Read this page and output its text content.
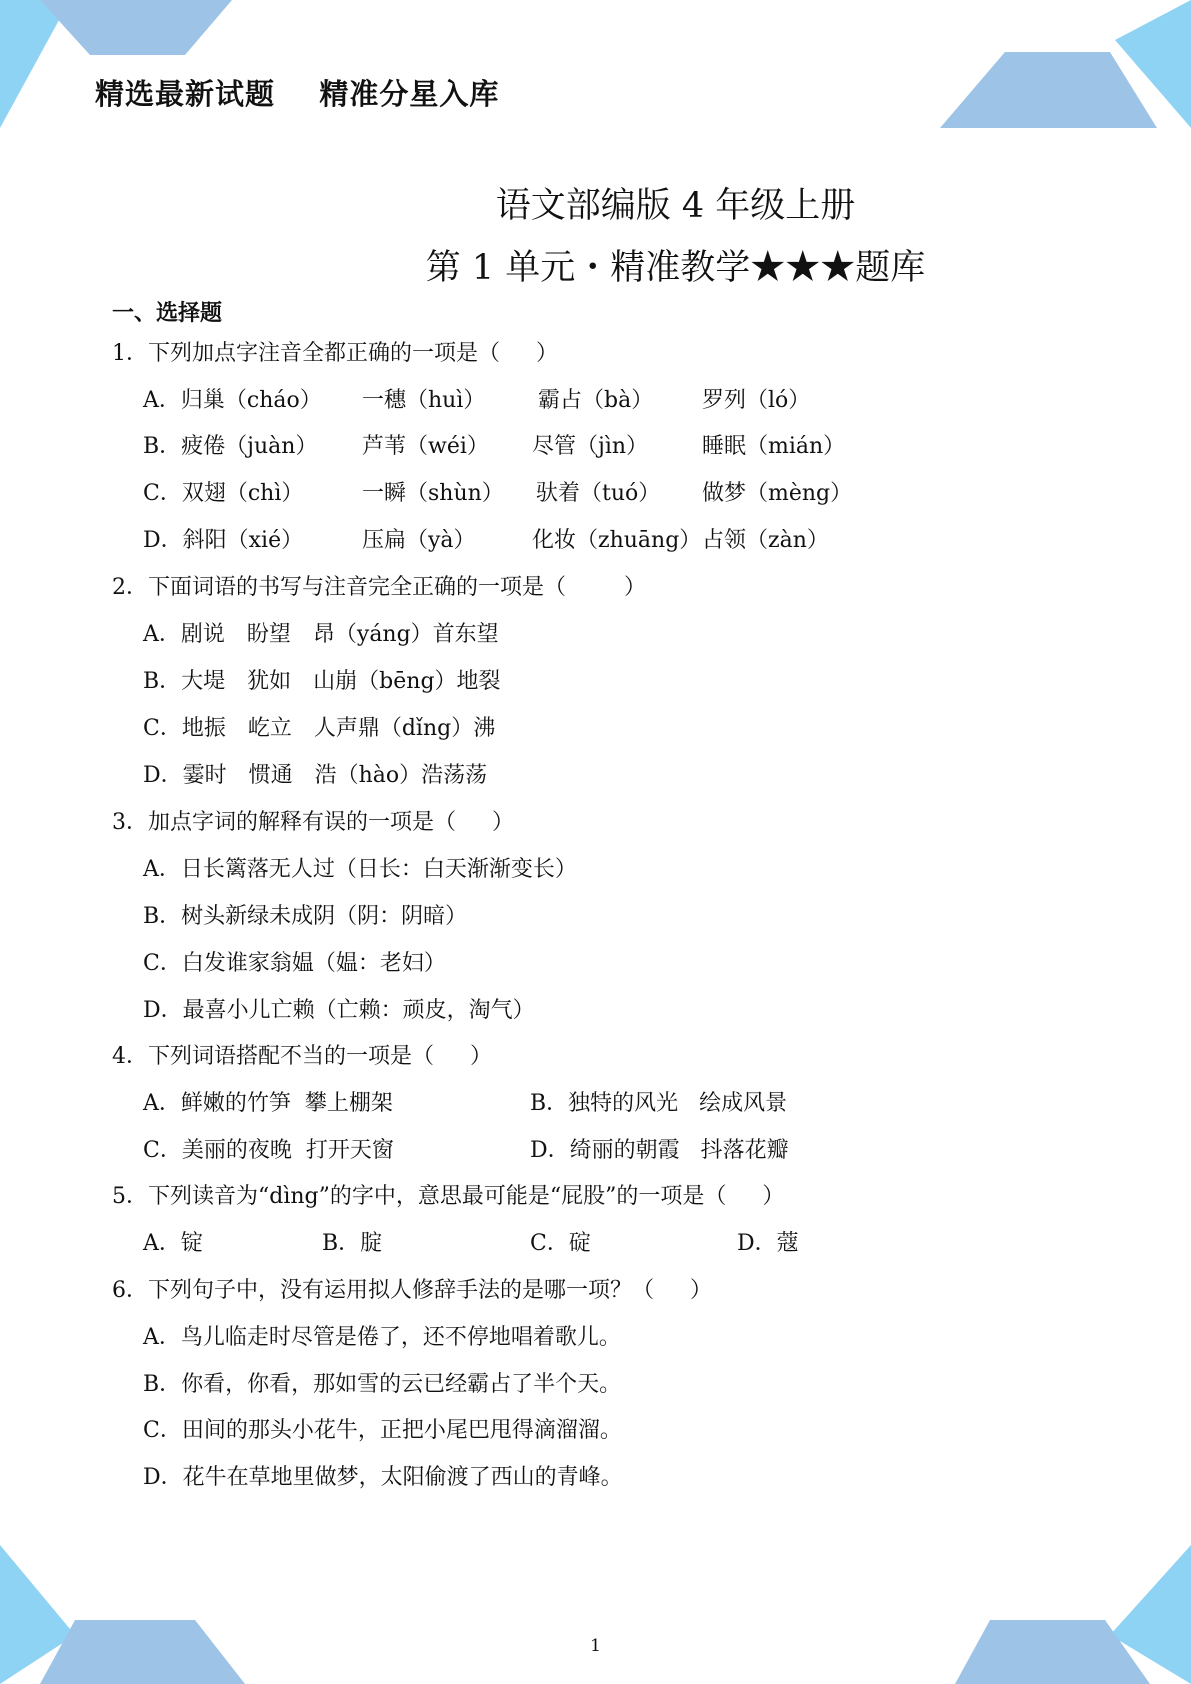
精选最新试题    精准分星入库
语文部编版 4 年级上册
第 1 单元・精准教学★★★题库
一、选择题
1．下列加点字注音全都正确的一项是（　  ）
A．归巢（cháo） 一穗（huì） 霸占（bà） 罗列（ló）
B．疲倦（juàn） 芦苇（wéi） 尽管（jìn） 睡眠（mián）
C．双翅（chì）	一瞬（shùn） 驮着（tuó） 做梦（mèng）
D．斜阳（xié）	压扁（yà）	化妆（zhuāng） 占领（zàn）
2．下面词语的书写与注音完全正确的一项是（　　  ）
A．剧说　盼望　昂（yáng）首东望
B．大堤　犹如　山崩（bēng）地裂
C．地振　屹立　人声鼎（dǐng）沸
D．霎时　惯通　浩（hào）浩荡荡
3．加点字词的解释有误的一项是（　  ）
A．日长篱落无人过（日长：白天渐渐变长）
B．树头新绿未成阴（阴：阴暗）
C．白发谁家翁媪（媪：老妇）
D．最喜小儿亡赖（亡赖：顽皮，淘气）
4．下列词语搭配不当的一项是（　  ）
A．鲜嫩的竹笋  攀上棚架	B．独特的风光   绘成风景
C．美丽的夜晚  打开天窗	D．绮丽的朝霞   抖落花瓣
5．下列读音为“dìng”的字中，意思最可能是“屁股”的一项是（　  ）
A．锭	B．腚	C．碇	D．蔻
6．下列句子中，没有运用拟人修辞手法的是哪一项？（　  ）
A．鸟儿临走时尽管是倦了，还不停地唱着歌儿。
B．你看，你看，那如雪的云已经霸占了半个天。
C．田间的那头小花牛，正把小尾巴甩得滴溜溜。
D．花牛在草地里做梦，太阳偷渡了西山的青峰。
1
